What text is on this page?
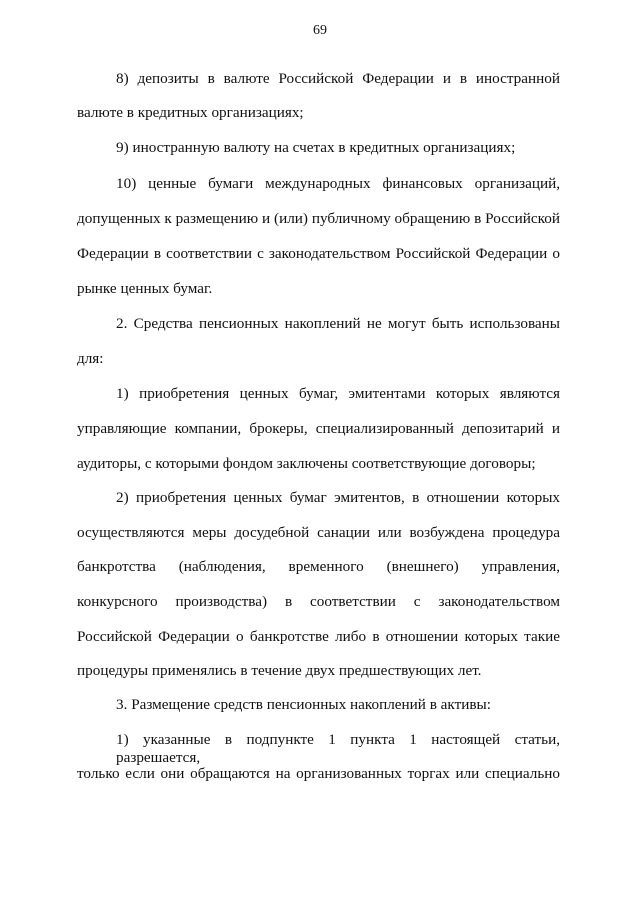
69
8) депозиты в валюте Российской Федерации и в иностранной
валюте в кредитных организациях;
9) иностранную валюту на счетах в кредитных организациях;
10) ценные бумаги международных финансовых организаций,
допущенных к размещению и (или) публичному обращению в Российской
Федерации в соответствии с законодательством Российской Федерации о
рынке ценных бумаг.
2. Средства пенсионных накоплений не могут быть использованы
для:
1) приобретения ценных бумаг, эмитентами которых являются
управляющие компании, брокеры, специализированный депозитарий и
аудиторы, с которыми фондом заключены соответствующие договоры;
2) приобретения ценных бумаг эмитентов, в отношении которых
осуществляются меры досудебной санации или возбуждена процедура
банкротства (наблюдения, временного (внешнего) управления,
конкурсного производства) в соответствии с законодательством
Российской Федерации о банкротстве либо в отношении которых такие
процедуры применялись в течение двух предшествующих лет.
3. Размещение средств пенсионных накоплений в активы:
1) указанные в подпункте 1 пункта 1 настоящей статьи, разрешается,
только если они обращаются на организованных торгах или специально
